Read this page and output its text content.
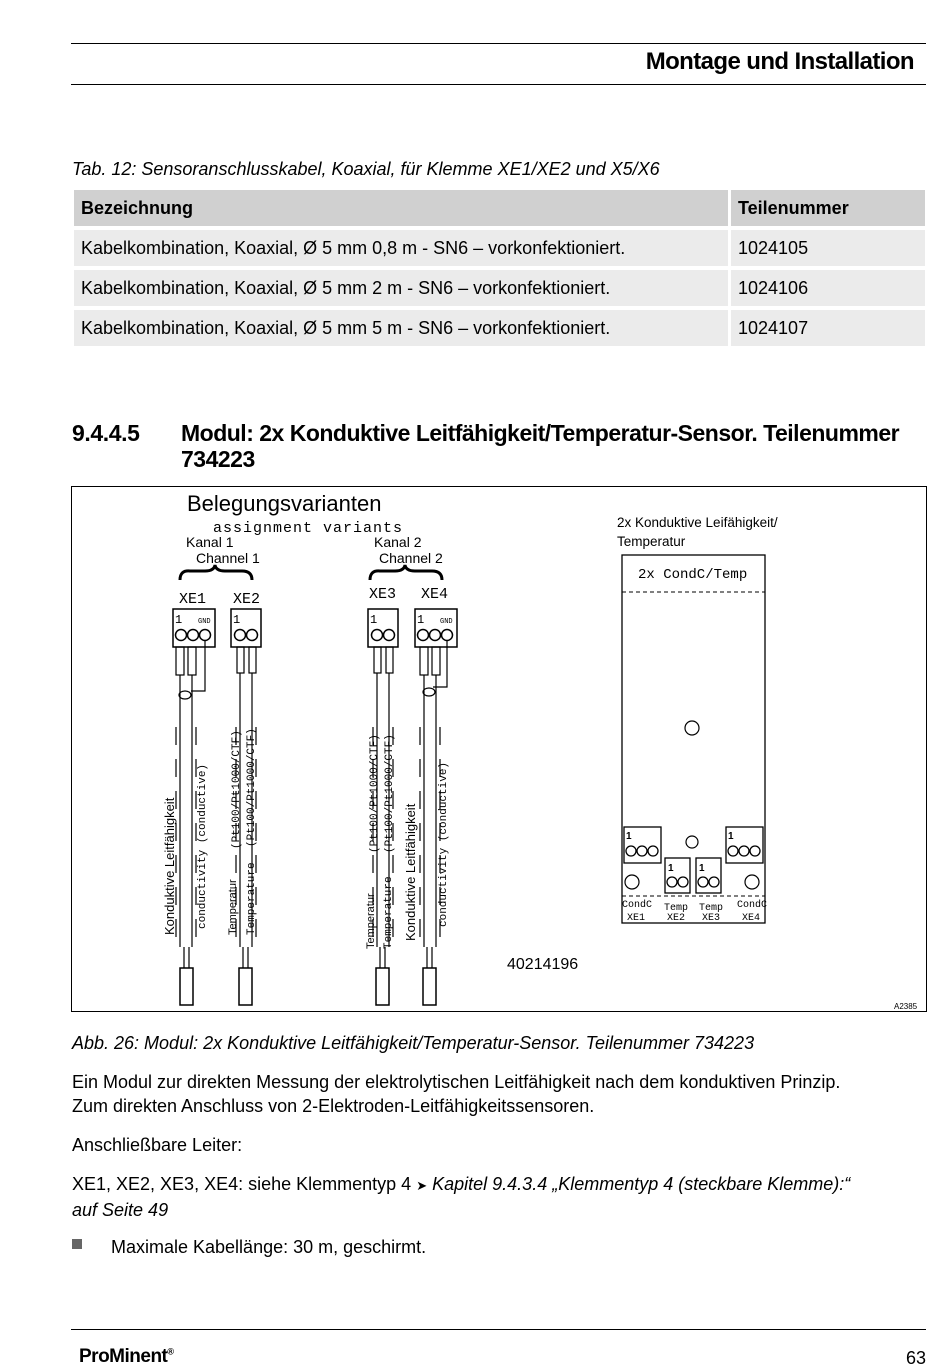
Montage und Installation
Tab. 12: Sensoranschlusskabel, Koaxial, für Klemme XE1/XE2 und X5/X6
Bezeichnung	Teilenummer
Kabelkombination, Koaxial, Ø 5 mm 0,8 m - SN6 – vorkonfektioniert.	1024105
Kabelkombination, Koaxial, Ø 5 mm 2 m - SN6 – vorkonfektioniert.	1024106
Kabelkombination, Koaxial, Ø 5 mm 5 m - SN6 – vorkonfektioniert.	1024107
9.4.4.5 Modul: 2x Konduktive Leitfähigkeit/Temperatur-Sensor. Teilenummer 734223
Belegungsvarianten
assignment variants
Kanal 1
Channel 1
Kanal 2
Channel 2
XE1 XE2	XE3 XE4
1 GND 1	1	1 GND
Konduktive Leitfähigkeit conductivity (conductive) Temperatur Temperature
(Pt100/Pt1000/CTF) (Pt100/Pt1000/CTF)
Temperatur Temperature
(Pt100/Pt1000/CTF) (Pt100/Pt1000/CTF)
Konduktive Leitfähigkeit conductivity (conductive)
40214196
A2385
2x Konduktive Leifähigkeit/
Temperatur
2x CondC/Temp
1
1	1
1
CondC
XE1
Temp
XE2
Temp
XE3
CondC
XE4
Abb. 26: Modul: 2x Konduktive Leitfähigkeit/Temperatur-Sensor. Teilenummer 734223
Ein Modul zur direkten Messung der elektrolytischen Leitfähigkeit nach dem konduktiven Prinzip.
Zum direkten Anschluss von 2-Elektroden-Leitfähigkeitssensoren.
Anschließbare Leiter:
XE1, XE2, XE3, XE4: siehe Klemmentyp 4 ➤ Kapitel 9.4.3.4 „Klemmentyp 4 (steckbare Klemme):“
auf Seite 49
Maximale Kabellänge: 30 m, geschirmt.
ProMinent®	63
